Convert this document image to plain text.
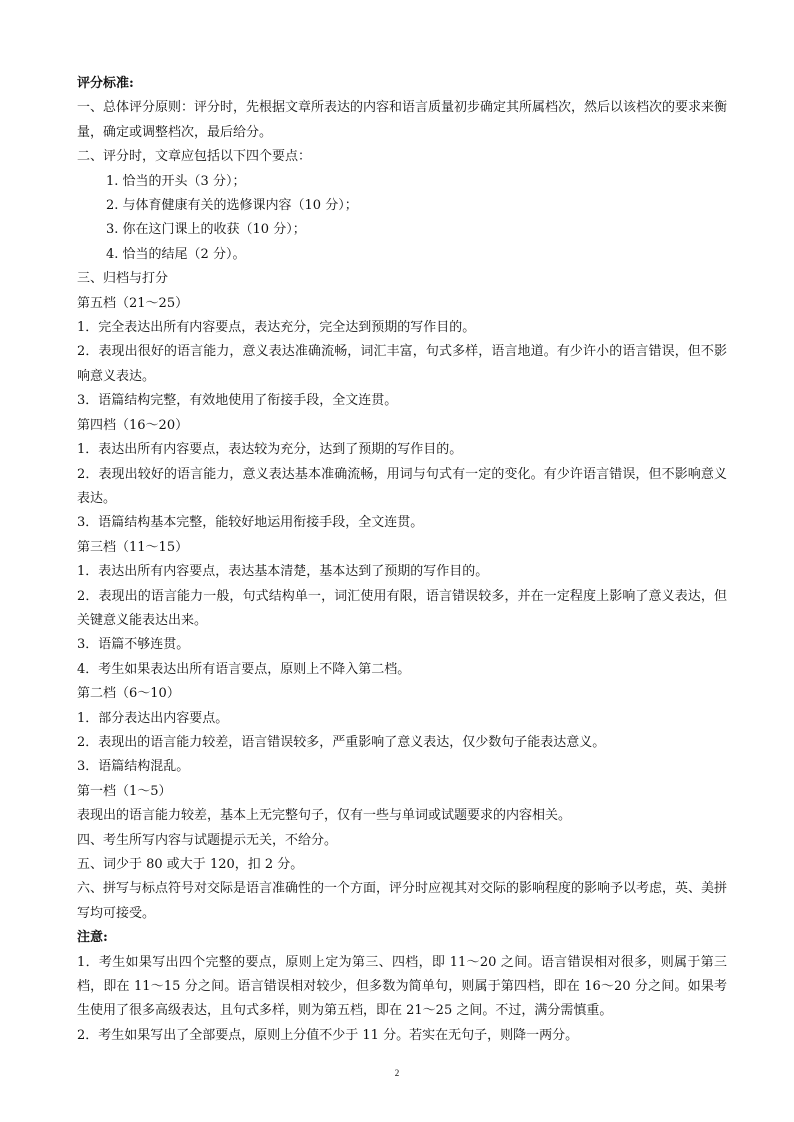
评分标准:
一、总体评分原则：评分时，先根据文章所表达的内容和语言质量初步确定其所属档次，然后以该档次的要求来衡量，确定或调整档次，最后给分。
二、评分时，文章应包括以下四个要点：
1. 恰当的开头（3 分）；
2. 与体育健康有关的选修课内容（10 分）；
3. 你在这门课上的收获（10 分）；
4. 恰当的结尾（2 分）。
三、归档与打分
第五档（21～25）
1．完全表达出所有内容要点，表达充分，完全达到预期的写作目的。
2．表现出很好的语言能力，意义表达准确流畅，词汇丰富，句式多样，语言地道。有少许小的语言错误，但不影响意义表达。
3．语篇结构完整，有效地使用了衔接手段，全文连贯。
第四档（16～20）
1．表达出所有内容要点，表达较为充分，达到了预期的写作目的。
2．表现出较好的语言能力，意义表达基本准确流畅，用词与句式有一定的变化。有少许语言错误，但不影响意义表达。
3．语篇结构基本完整，能较好地运用衔接手段，全文连贯。
第三档（11～15）
1．表达出所有内容要点，表达基本清楚，基本达到了预期的写作目的。
2．表现出的语言能力一般，句式结构单一，词汇使用有限，语言错误较多，并在一定程度上影响了意义表达，但关键意义能表达出来。
3．语篇不够连贯。
4．考生如果表达出所有语言要点，原则上不降入第二档。
第二档（6～10）
1．部分表达出内容要点。
2．表现出的语言能力较差，语言错误较多，严重影响了意义表达，仅少数句子能表达意义。
3．语篇结构混乱。
第一档（1～5）
表现出的语言能力较差，基本上无完整句子，仅有一些与单词或试题要求的内容相关。
四、考生所写内容与试题提示无关，不给分。
五、词少于 80 或大于 120，扣 2 分。
六、拼写与标点符号对交际是语言准确性的一个方面，评分时应视其对交际的影响程度的影响予以考虑，英、美拼写均可接受。
注意:
1．考生如果写出四个完整的要点，原则上定为第三、四档，即 11～20 之间。语言错误相对很多，则属于第三档，即在 11～15 分之间。语言错误相对较少，但多数为简单句，则属于第四档，即在 16～20 分之间。如果考生使用了很多高级表达，且句式多样，则为第五档，即在 21～25 之间。不过，满分需慎重。
2．考生如果写出了全部要点，原则上分值不少于 11 分。若实在无句子，则降一两分。
2
